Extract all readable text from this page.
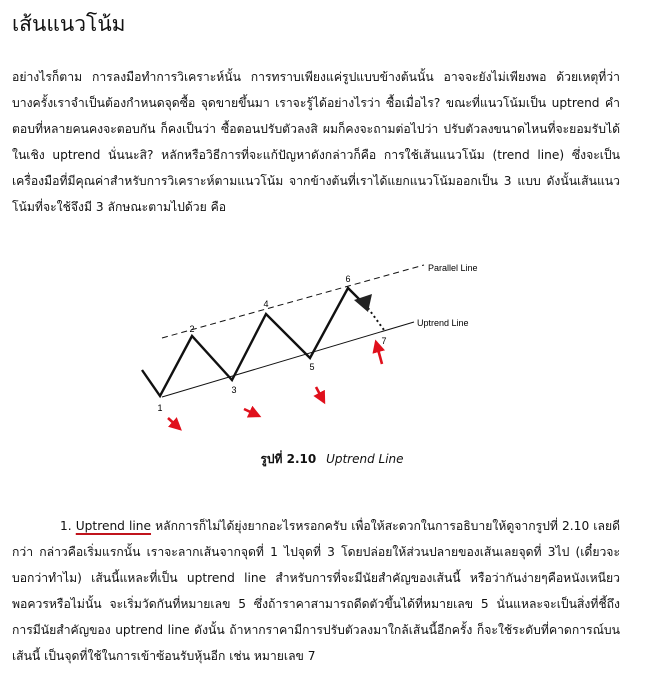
เส้นแนวโน้ม

อย่างไรก็ตาม การลงมือทำการวิเคราะห์นั้น การทราบเพียงแค่รูปแบบข้างต้นนั้น อาจจะยังไม่เพียงพอ ด้วยเหตุที่ว่า บางครั้งเราจำเป็นต้องกำหนดจุดซื้อ จุดขายขึ้นมา เราจะรู้ได้อย่างไรว่า ซื้อเมื่อไร? ขณะที่แนวโน้มเป็น uptrend คำตอบที่หลายคนคงจะตอบกัน ก็คงเป็นว่า ซื้อตอนปรับตัวลงสิ ผมก็คงจะถามต่อไปว่า ปรับตัวลงขนาดไหนที่จะยอมรับได้ในเชิง uptrend นั่นนะสิ? หลักหรือวิธีการที่จะแก้ปัญหาดังกล่าวก็คือ การใช้เส้นแนวโน้ม (trend line) ซึ่งจะเป็นเครื่องมือที่มีคุณค่าสำหรับการวิเคราะห์ตามแนวโน้ม จากข้างต้นที่เราได้แยกแนวโน้มออกเป็น 3 แบบ ดังนั้นเส้นแนวโน้มที่จะใช้จึงมี 3 ลักษณะตามไปด้วย คือ

1
2
3
4
5
6
7
Parallel Line
Uptrend Line
รูปที่ 2.10 Uptrend Line

1. Uptrend line หลักการก็ไม่ได้ยุ่งยากอะไรหรอกครับ เพื่อให้สะดวกในการอธิบายให้ดูจากรูปที่ 2.10 เลยดีกว่า กล่าวคือเริ่มแรกนั้น เราจะลากเส้นจากจุดที่ 1 ไปจุดที่ 3 โดยปล่อยให้ส่วนปลายของเส้นเลยจุดที่ 3ไป (เดี๋ยวจะบอกว่าทำไม) เส้นนี้แหละที่เป็น uptrend line สำหรับการที่จะมีนัยสำคัญของเส้นนี้ หรือว่ากันง่ายๆคือหนังเหนียวพอควรหรือไม่นั้น จะเริ่มวัดกันที่หมายเลข 5 ซึ่งถ้าราคาสามารถดีดตัวขึ้นได้ที่หมายเลข 5 นั่นแหละจะเป็นสิ่งที่ชี้ถึงการมีนัยสำคัญของ uptrend line ดังนั้น ถ้าหากราคามีการปรับตัวลงมาใกล้เส้นนี้อีกครั้ง ก็จะใช้ระดับที่คาดการณ์บนเส้นนี้ เป็นจุดที่ใช้ในการเข้าซ้อนรับหุ้นอีก เช่น หมายเลข 7
